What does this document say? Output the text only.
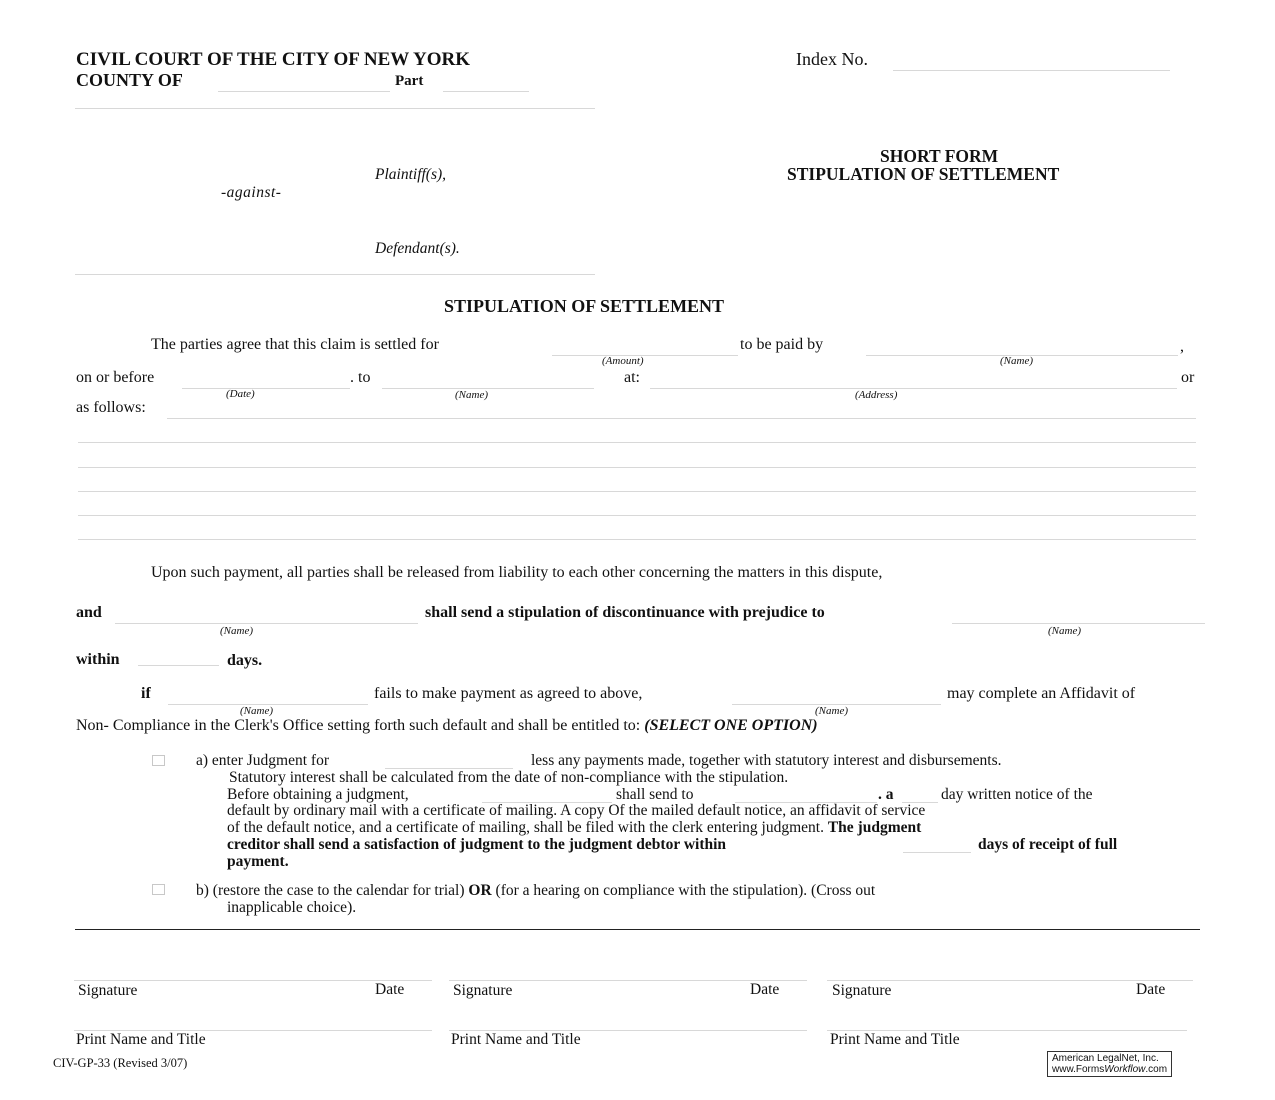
CIVIL COURT OF THE CITY OF NEW YORK
COUNTY OF	Part
Index No.
Plaintiff(s),
-against-
Defendant(s).
SHORT FORM
STIPULATION OF SETTLEMENT
STIPULATION OF SETTLEMENT
The parties agree that this claim is settled for	to be paid by	,
(Amount)	(Name)
on or before	. to	at:	or
(Date)	(Name)	(Address)
as follows:
Upon such payment, all parties shall be released from liability to each other concerning the matters in this dispute,
and	shall send a stipulation of discontinuance with prejudice to
(Name)	(Name)
within	days.
if	fails to make payment as agreed to above,	may complete an Affidavit of
(Name)	(Name)
Non- Compliance in the Clerk's Office setting forth such default and shall be entitled to: (SELECT ONE OPTION)
a) enter Judgment for	less any payments made, together with statutory interest and disbursements.
Statutory interest shall be calculated from the date of non-compliance with the stipulation.
Before obtaining a judgment,	shall send to	. a	day written notice of the
default by ordinary mail with a certificate of mailing. A copy Of the mailed default notice, an affidavit of service
of the default notice, and a certificate of mailing, shall be filed with the clerk entering judgment. The judgment
creditor shall send a satisfaction of judgment to the judgment debtor within	days of receipt of full
payment.
b) (restore the case to the calendar for trial) OR (for a hearing on compliance with the stipulation). (Cross out
inapplicable choice).
Signature	Date
Print Name and Title
Signature	Date
Print Name and Title
Signature	Date
Print Name and Title
CIV-GP-33 (Revised 3/07)	American LegalNet, Inc.
www.FormsWorkflow.com
